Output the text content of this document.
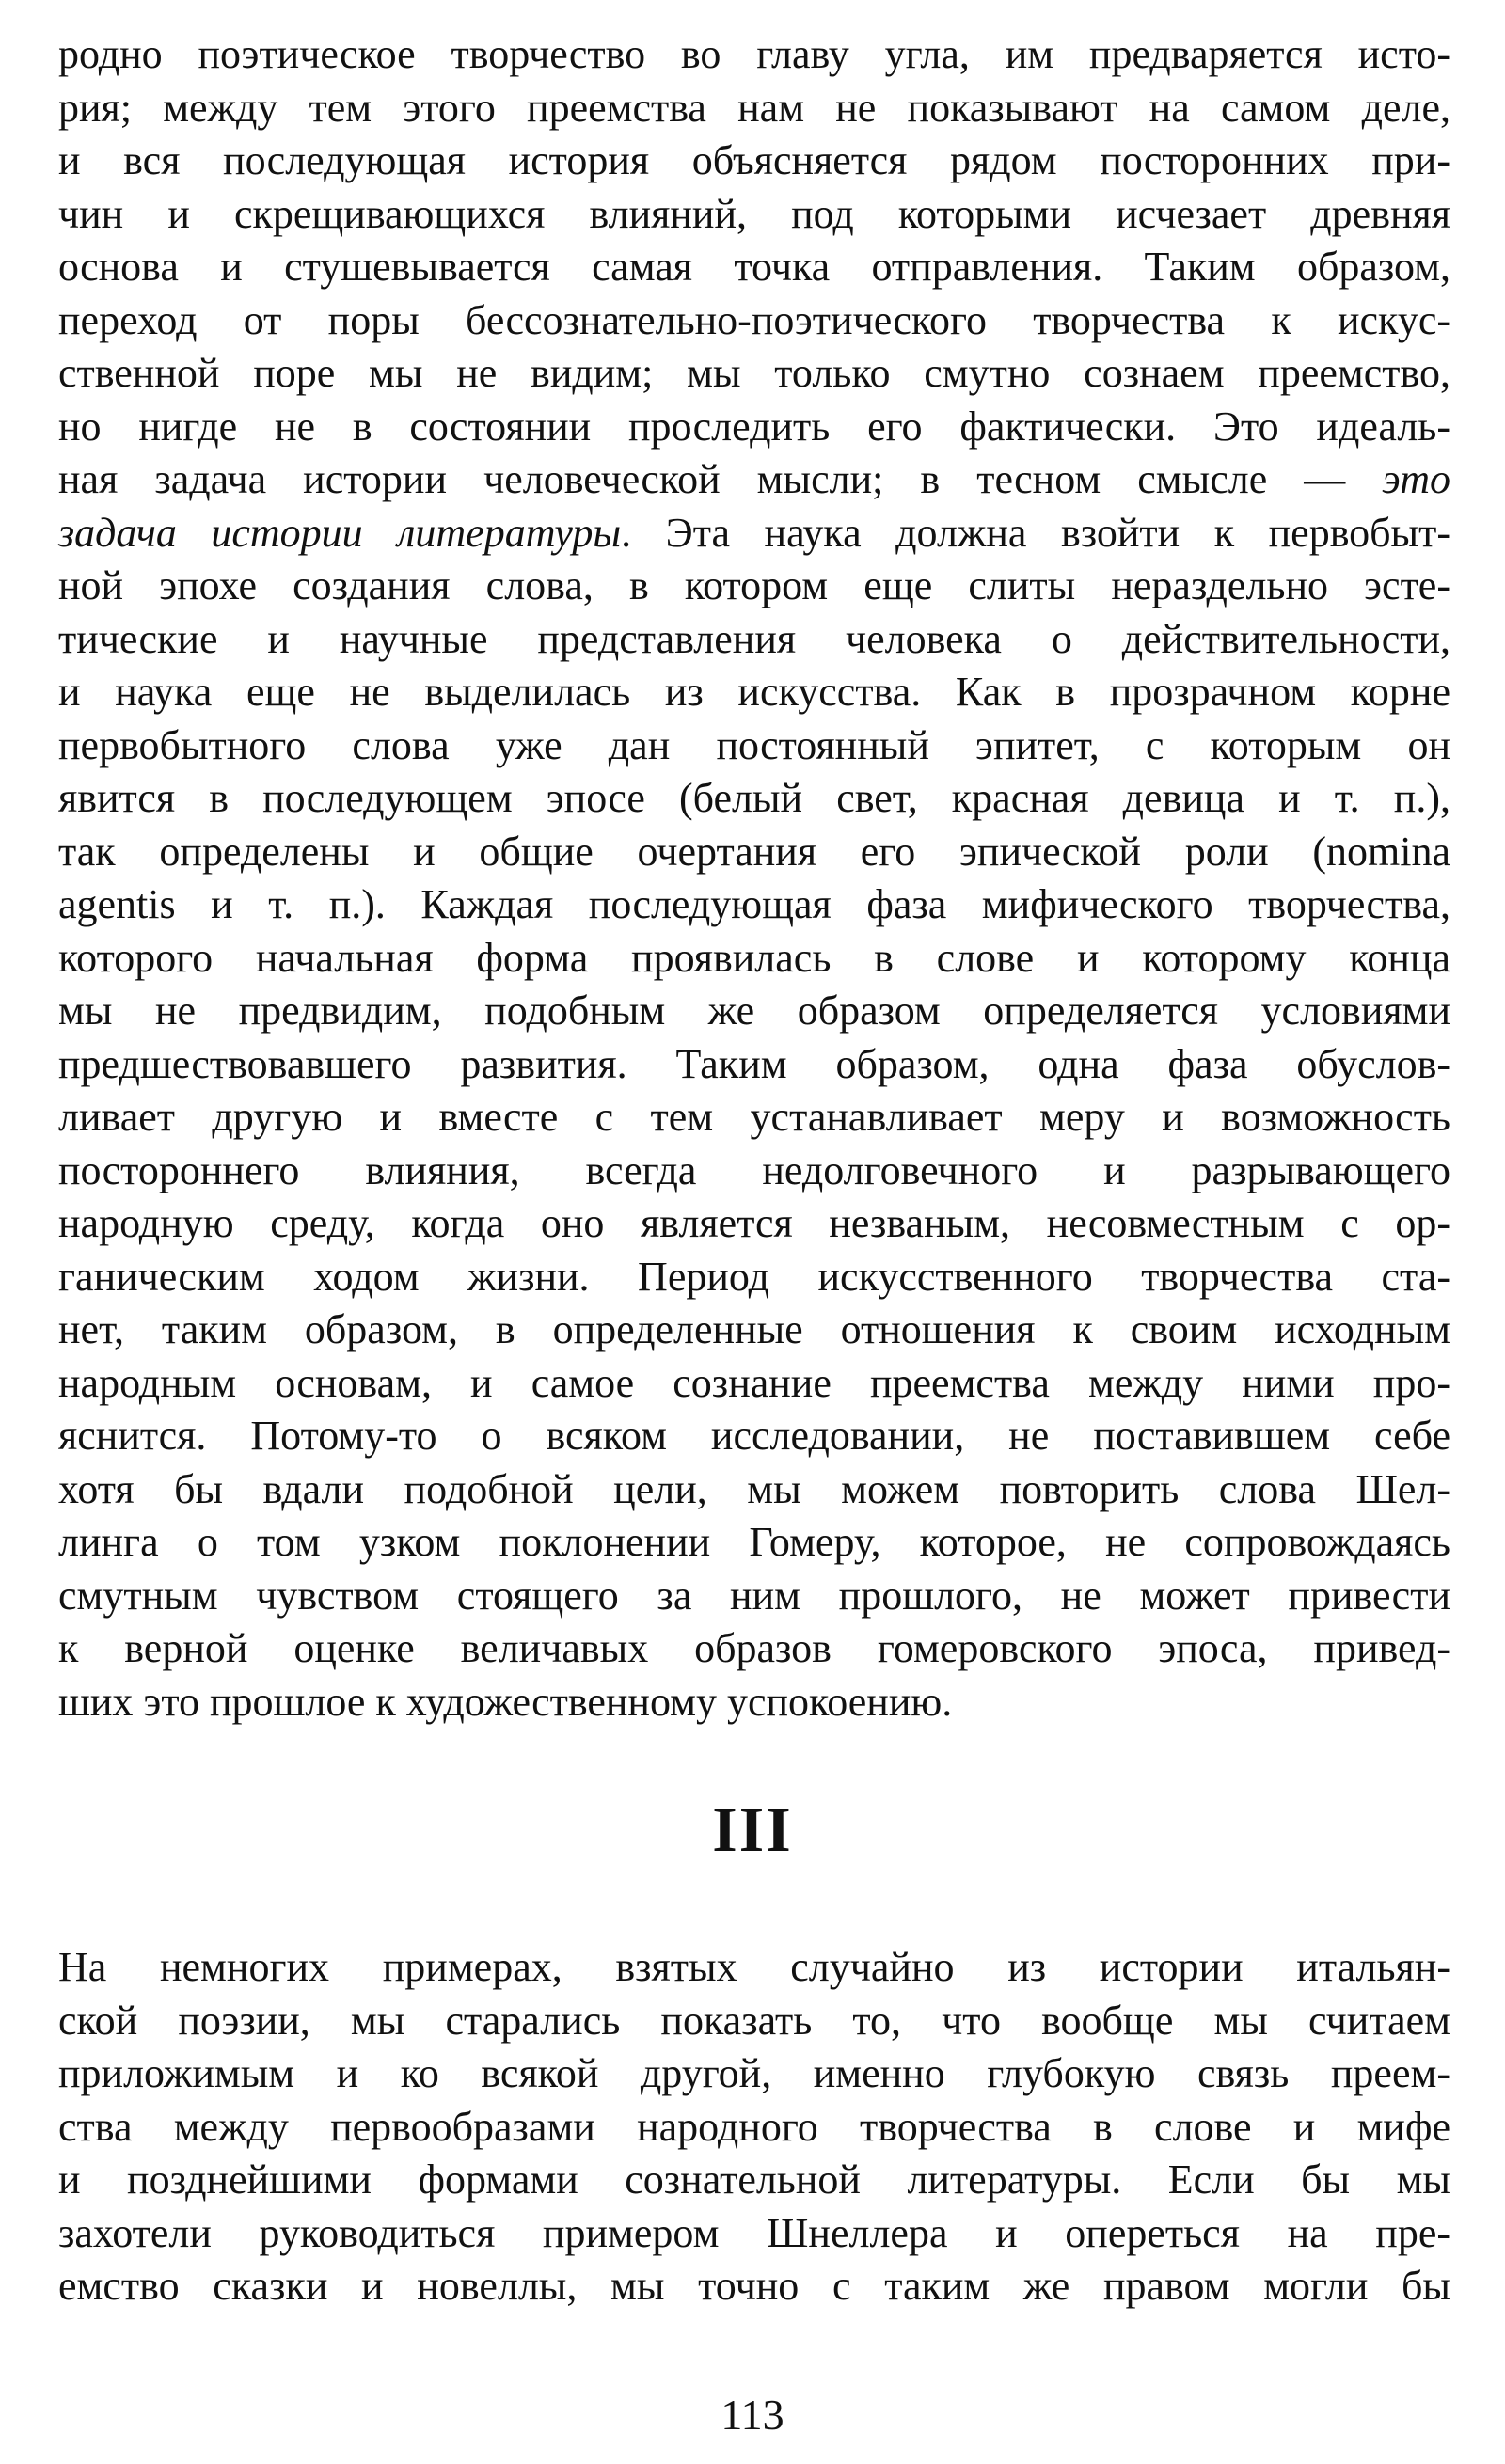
родно поэтическое творчество во главу угла, им предваряется исто-
рия; между тем этого преемства нам не показывают на самом деле,
и вся последующая история объясняется рядом посторонних при-
чин и скрещивающихся влияний, под которыми исчезает древняя
основа и стушевывается самая точка отправления. Таким образом,
переход от поры бессознательно-поэтического творчества к искус-
ственной поре мы не видим; мы только смутно сознаем преемство,
но нигде не в состоянии проследить его фактически. Это идеаль-
ная задача истории человеческой мысли; в тесном смысле — это
задача истории литературы. Эта наука должна взойти к первобыт-
ной эпохе создания слова, в котором еще слиты нераздельно эсте-
тические и научные представления человека о действительности,
и наука еще не выделилась из искусства. Как в прозрачном корне
первобытного слова уже дан постоянный эпитет, с которым он
явится в последующем эпосе (белый свет, красная девица и т. п.),
так определены и общие очертания его эпической роли (nomina
agentis и т. п.). Каждая последующая фаза мифического творчества,
которого начальная форма проявилась в слове и которому конца
мы не предвидим, подобным же образом определяется условиями
предшествовавшего развития. Таким образом, одна фаза обуслов-
ливает другую и вместе с тем устанавливает меру и возможность
постороннего влияния, всегда недолговечного и разрывающего
народную среду, когда оно является незваным, несовместным с ор-
ганическим ходом жизни. Период искусственного творчества ста-
нет, таким образом, в определенные отношения к своим исходным
народным основам, и самое сознание преемства между ними про-
яснится. Потому-то о всяком исследовании, не поставившем себе
хотя бы вдали подобной цели, мы можем повторить слова Шел-
линга о том узком поклонении Гомеру, которое, не сопровождаясь
смутным чувством стоящего за ним прошлого, не может привести
к верной оценке величавых образов гомеровского эпоса, привед-
ших это прошлое к художественному успокоению.
III
На немногих примерах, взятых случайно из истории итальян-
ской поэзии, мы старались показать то, что вообще мы считаем
приложимым и ко всякой другой, именно глубокую связь преем-
ства между первообразами народного творчества в слове и мифе
и позднейшими формами сознательной литературы. Если бы мы
захотели руководиться примером Шнеллера и опереться на пре-
емство сказки и новеллы, мы точно с таким же правом могли бы
113
